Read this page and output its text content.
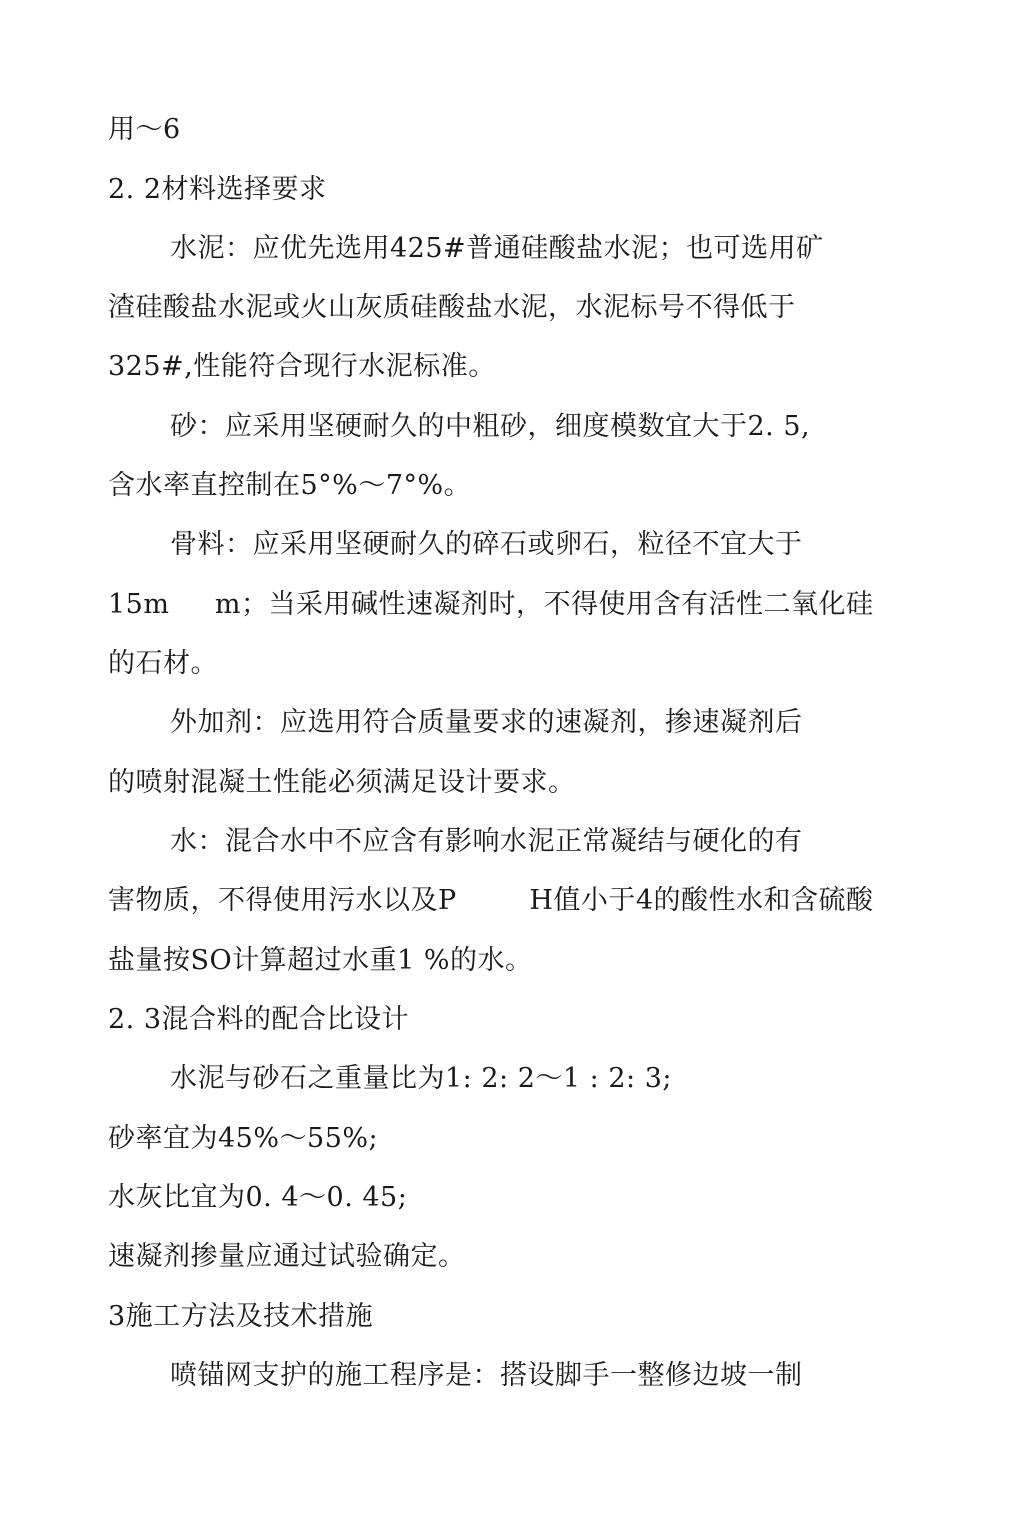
用～6
2. 2材料选择要求
水泥：应优先选用425#普通硅酸盐水泥；也可选用矿
渣硅酸盐水泥或火山灰质硅酸盐水泥，水泥标号不得低于
325#,性能符合现行水泥标准。
砂：应采用坚硬耐久的中粗砂，细度模数宜大于2. 5,
含水率直控制在5°%～7°%。
骨料：应采用坚硬耐久的碎石或卵石，粒径不宜大于
15m     m；当采用碱性速凝剂时，不得使用含有活性二氧化硅
的石材。
外加剂：应选用符合质量要求的速凝剂，掺速凝剂后
的喷射混凝土性能必须满足设计要求。
水：混合水中不应含有影响水泥正常凝结与硬化的有
害物质，不得使用污水以及P        H值小于4的酸性水和含硫酸
盐量按SO计算超过水重1 %的水。
2. 3混合料的配合比设计
水泥与砂石之重量比为1: 2: 2～1 : 2: 3;
砂率宜为45%～55%;
水灰比宜为0. 4～0. 45;
速凝剂掺量应通过试验确定。
3施工方法及技术措施
喷锚网支护的施工程序是：搭设脚手一整修边坡一制
